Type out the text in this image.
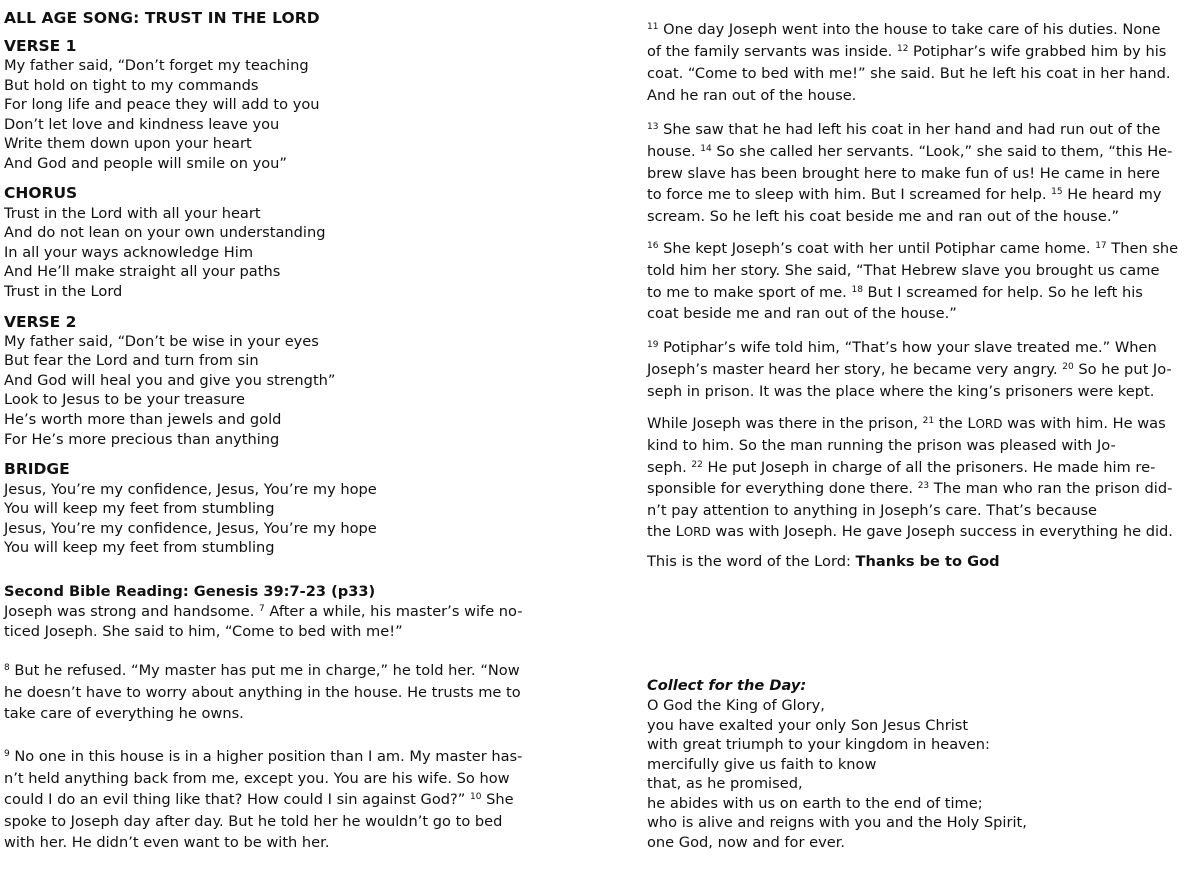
ALL AGE SONG: TRUST IN THE LORD
VERSE 1
My father said, “Don’t forget my teaching
But hold on tight to my commands
For long life and peace they will add to you
Don’t let love and kindness leave you
Write them down upon your heart
And God and people will smile on you”
CHORUS
Trust in the Lord with all your heart
And do not lean on your own understanding
In all your ways acknowledge Him
And He’ll make straight all your paths
Trust in the Lord
VERSE 2
My father said, “Don’t be wise in your eyes
But fear the Lord and turn from sin
And God will heal you and give you strength”
Look to Jesus to be your treasure
He’s worth more than jewels and gold
For He’s more precious than anything
BRIDGE
Jesus, You’re my confidence, Jesus, You’re my hope
You will keep my feet from stumbling
Jesus, You’re my confidence, Jesus, You’re my hope
You will keep my feet from stumbling
Second Bible Reading: Genesis 39:7-23 (p33)
Joseph was strong and handsome. $^7$ After a while, his master’s wife no-
ticed Joseph. She said to him, “Come to bed with me!”
$^8$ But he refused. “My master has put me in charge,” he told her. “Now
he doesn’t have to worry about anything in the house. He trusts me to
take care of everything he owns.
$^9$ No one in this house is in a higher position than I am. My master has-
n’t held anything back from me, except you. You are his wife. So how
could I do an evil thing like that? How could I sin against God?” $^{10}$ She
spoke to Joseph day after day. But he told her he wouldn’t go to bed
with her. He didn’t even want to be with her.
$^{11}$ One day Joseph went into the house to take care of his duties. None
of the family servants was inside. $^{12}$ Potiphar’s wife grabbed him by his
coat. “Come to bed with me!” she said. But he left his coat in her hand.
And he ran out of the house.
$^{13}$ She saw that he had left his coat in her hand and had run out of the
house. $^{14}$ So she called her servants. “Look,” she said to them, “this He-
brew slave has been brought here to make fun of us! He came in here
to force me to sleep with him. But I screamed for help. $^{15}$ He heard my
scream. So he left his coat beside me and ran out of the house.”
$^{16}$ She kept Joseph’s coat with her until Potiphar came home. $^{17}$ Then she
told him her story. She said, “That Hebrew slave you brought us came
to me to make sport of me. $^{18}$ But I screamed for help. So he left his
coat beside me and ran out of the house.”
$^{19}$ Potiphar’s wife told him, “That’s how your slave treated me.” When
Joseph’s master heard her story, he became very angry. $^{20}$ So he put Jo-
seph in prison. It was the place where the king’s prisoners were kept.
While Joseph was there in the prison, $^{21}$ the LORD was with him. He was
kind to him. So the man running the prison was pleased with Jo-
seph. $^{22}$ He put Joseph in charge of all the prisoners. He made him re-
sponsible for everything done there. $^{23}$ The man who ran the prison did-
n’t pay attention to anything in Joseph’s care. That’s because
the LORD was with Joseph. He gave Joseph success in everything he did.
This is the word of the Lord: Thanks be to God
Collect for the Day:
O God the King of Glory,
you have exalted your only Son Jesus Christ
with great triumph to your kingdom in heaven:
mercifully give us faith to know
that, as he promised,
he abides with us on earth to the end of time;
who is alive and reigns with you and the Holy Spirit,
one God, now and for ever.
